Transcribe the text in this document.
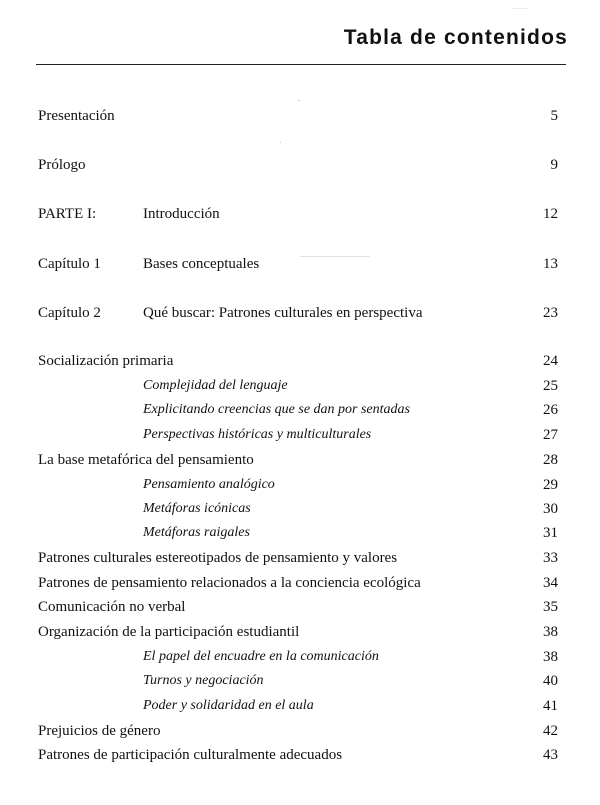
······
Tabla de contenidos
Presentación	5
Prólogo	9
PARTE I:	Introducción	12
Capítulo 1	Bases conceptuales	13
Capítulo 2	Qué buscar: Patrones culturales en perspectiva	23
Socialización primaria	24
Complejidad del lenguaje	25
Explicitando creencias que se dan por sentadas	26
Perspectivas históricas y multiculturales	27
La base metafórica del pensamiento	28
Pensamiento analógico	29
Metáforas icónicas	30
Metáforas raigales	31
Patrones culturales estereotipados de pensamiento y valores	33
Patrones de pensamiento relacionados a la conciencia ecológica	34
Comunicación no verbal	35
Organización de la participación estudiantil	38
El papel del encuadre en la comunicación	38
Turnos y negociación	40
Poder y solidaridad en el aula	41
Prejuicios de género	42
Patrones de participación culturalmente adecuados	43
